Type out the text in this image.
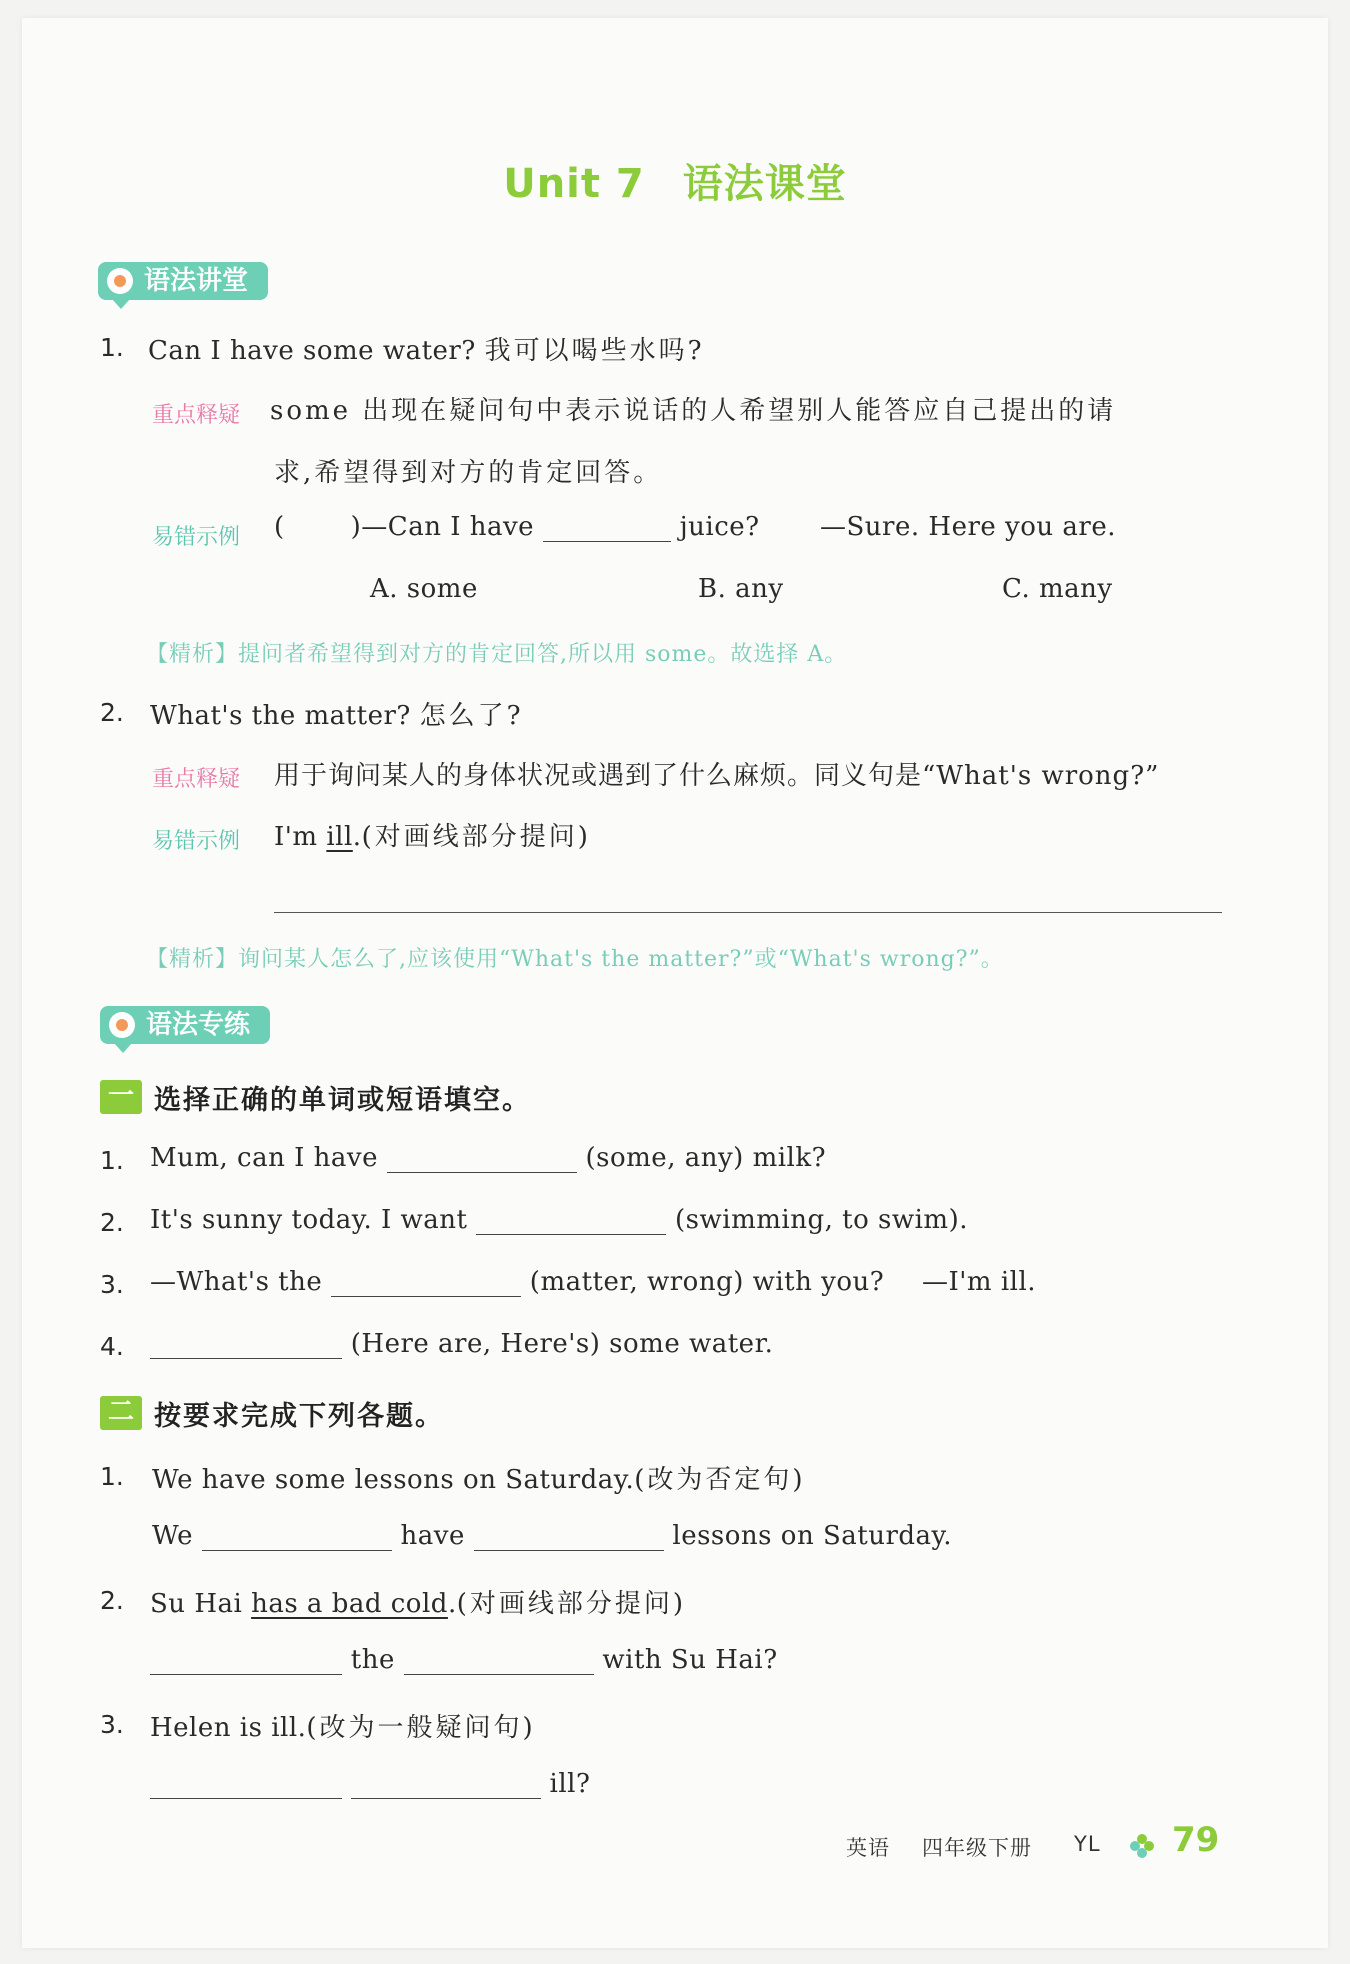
Unit 7 语法课堂
语法讲堂
1. Can I have some water? 我可以喝些水吗?
重点释疑 some 出现在疑问句中表示说话的人希望别人能答应自己提出的请
求,希望得到对方的肯定回答。
易错示例 (	)—Can I have	juice? —Sure. Here you are.
A. some	B. any	C. many
【精析】提问者希望得到对方的肯定回答,所以用 some。故选择 A。
2. What's the matter? 怎么了?
重点释疑 用于询问某人的身体状况或遇到了什么麻烦。同义句是“What's wrong?”
易错示例 I'm ill.(对画线部分提问)
【精析】询问某人怎么了,应该使用“What's the matter?”或“What's wrong?”。
语法专练
一 选择正确的单词或短语填空。
1. Mum, can I have	(some, any) milk?
2. It's sunny today. I want	(swimming, to swim).
3. —What's the	(matter, wrong) with you? —I'm ill.
4.	(Here are, Here's) some water.
二 按要求完成下列各题。
1. We have some lessons on Saturday.(改为否定句)
We	have	lessons on Saturday.
2. Su Hai has a bad cold.(对画线部分提问)
the	with Su Hai?
3. Helen is ill.(改为一般疑问句)
ill?
英语 四年级下册 YL 79
